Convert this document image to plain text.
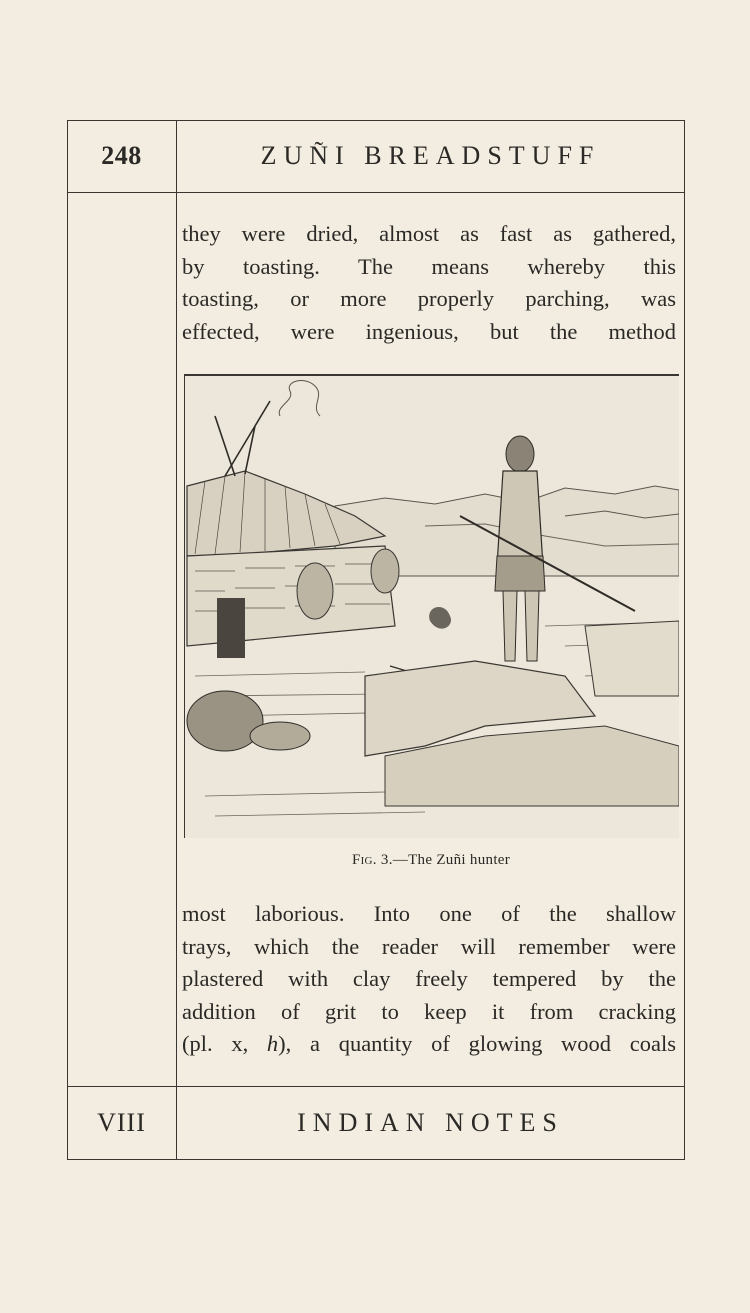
248	ZUÑI BREADSTUFF
they were dried, almost as fast as gathered,
by toasting. The means whereby this
toasting, or more properly parching, was
effected, were ingenious, but the method
Fig. 3.—The Zuñi hunter
most laborious. Into one of the shallow
trays, which the reader will remember were
plastered with clay freely tempered by the
addition of grit to keep it from cracking
(pl. x, h), a quantity of glowing wood coals
VIII	INDIAN NOTES
